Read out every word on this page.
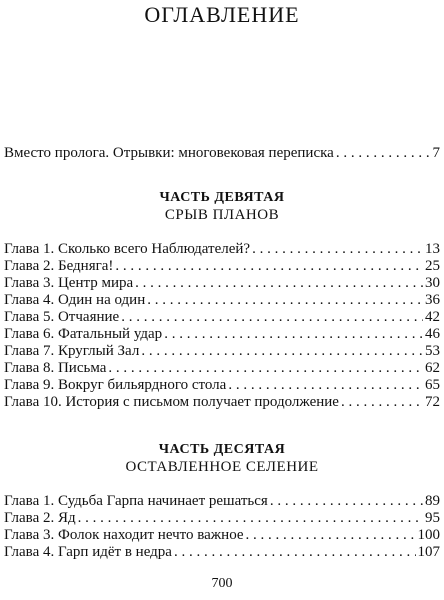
ОГЛАВЛЕНИЕ
Вместо пролога. Отрывки: многовековая переписка . . .	7
ЧАСТЬ ДЕВЯТАЯ
СРЫВ ПЛАНОВ
Глава 1. Сколько всего Наблюдателей? . . .	13
Глава 2. Бедняга! . . .	25
Глава 3. Центр мира . . .	30
Глава 4. Один на один . . .	36
Глава 5. Отчаяние . . .	42
Глава 6. Фатальный удар . . .	46
Глава 7. Круглый Зал . . .	53
Глава 8. Письма . . .	62
Глава 9. Вокруг бильярдного стола . . .	65
Глава 10. История с письмом получает продолжение . . .	72
ЧАСТЬ ДЕСЯТАЯ
ОСТАВЛЕННОЕ СЕЛЕНИЕ
Глава 1. Судьба Гарпа начинает решаться . . .	89
Глава 2. Яд . . .	95
Глава 3. Фолок находит нечто важное . . .	100
Глава 4. Гарп идёт в недра . . .	107
700
